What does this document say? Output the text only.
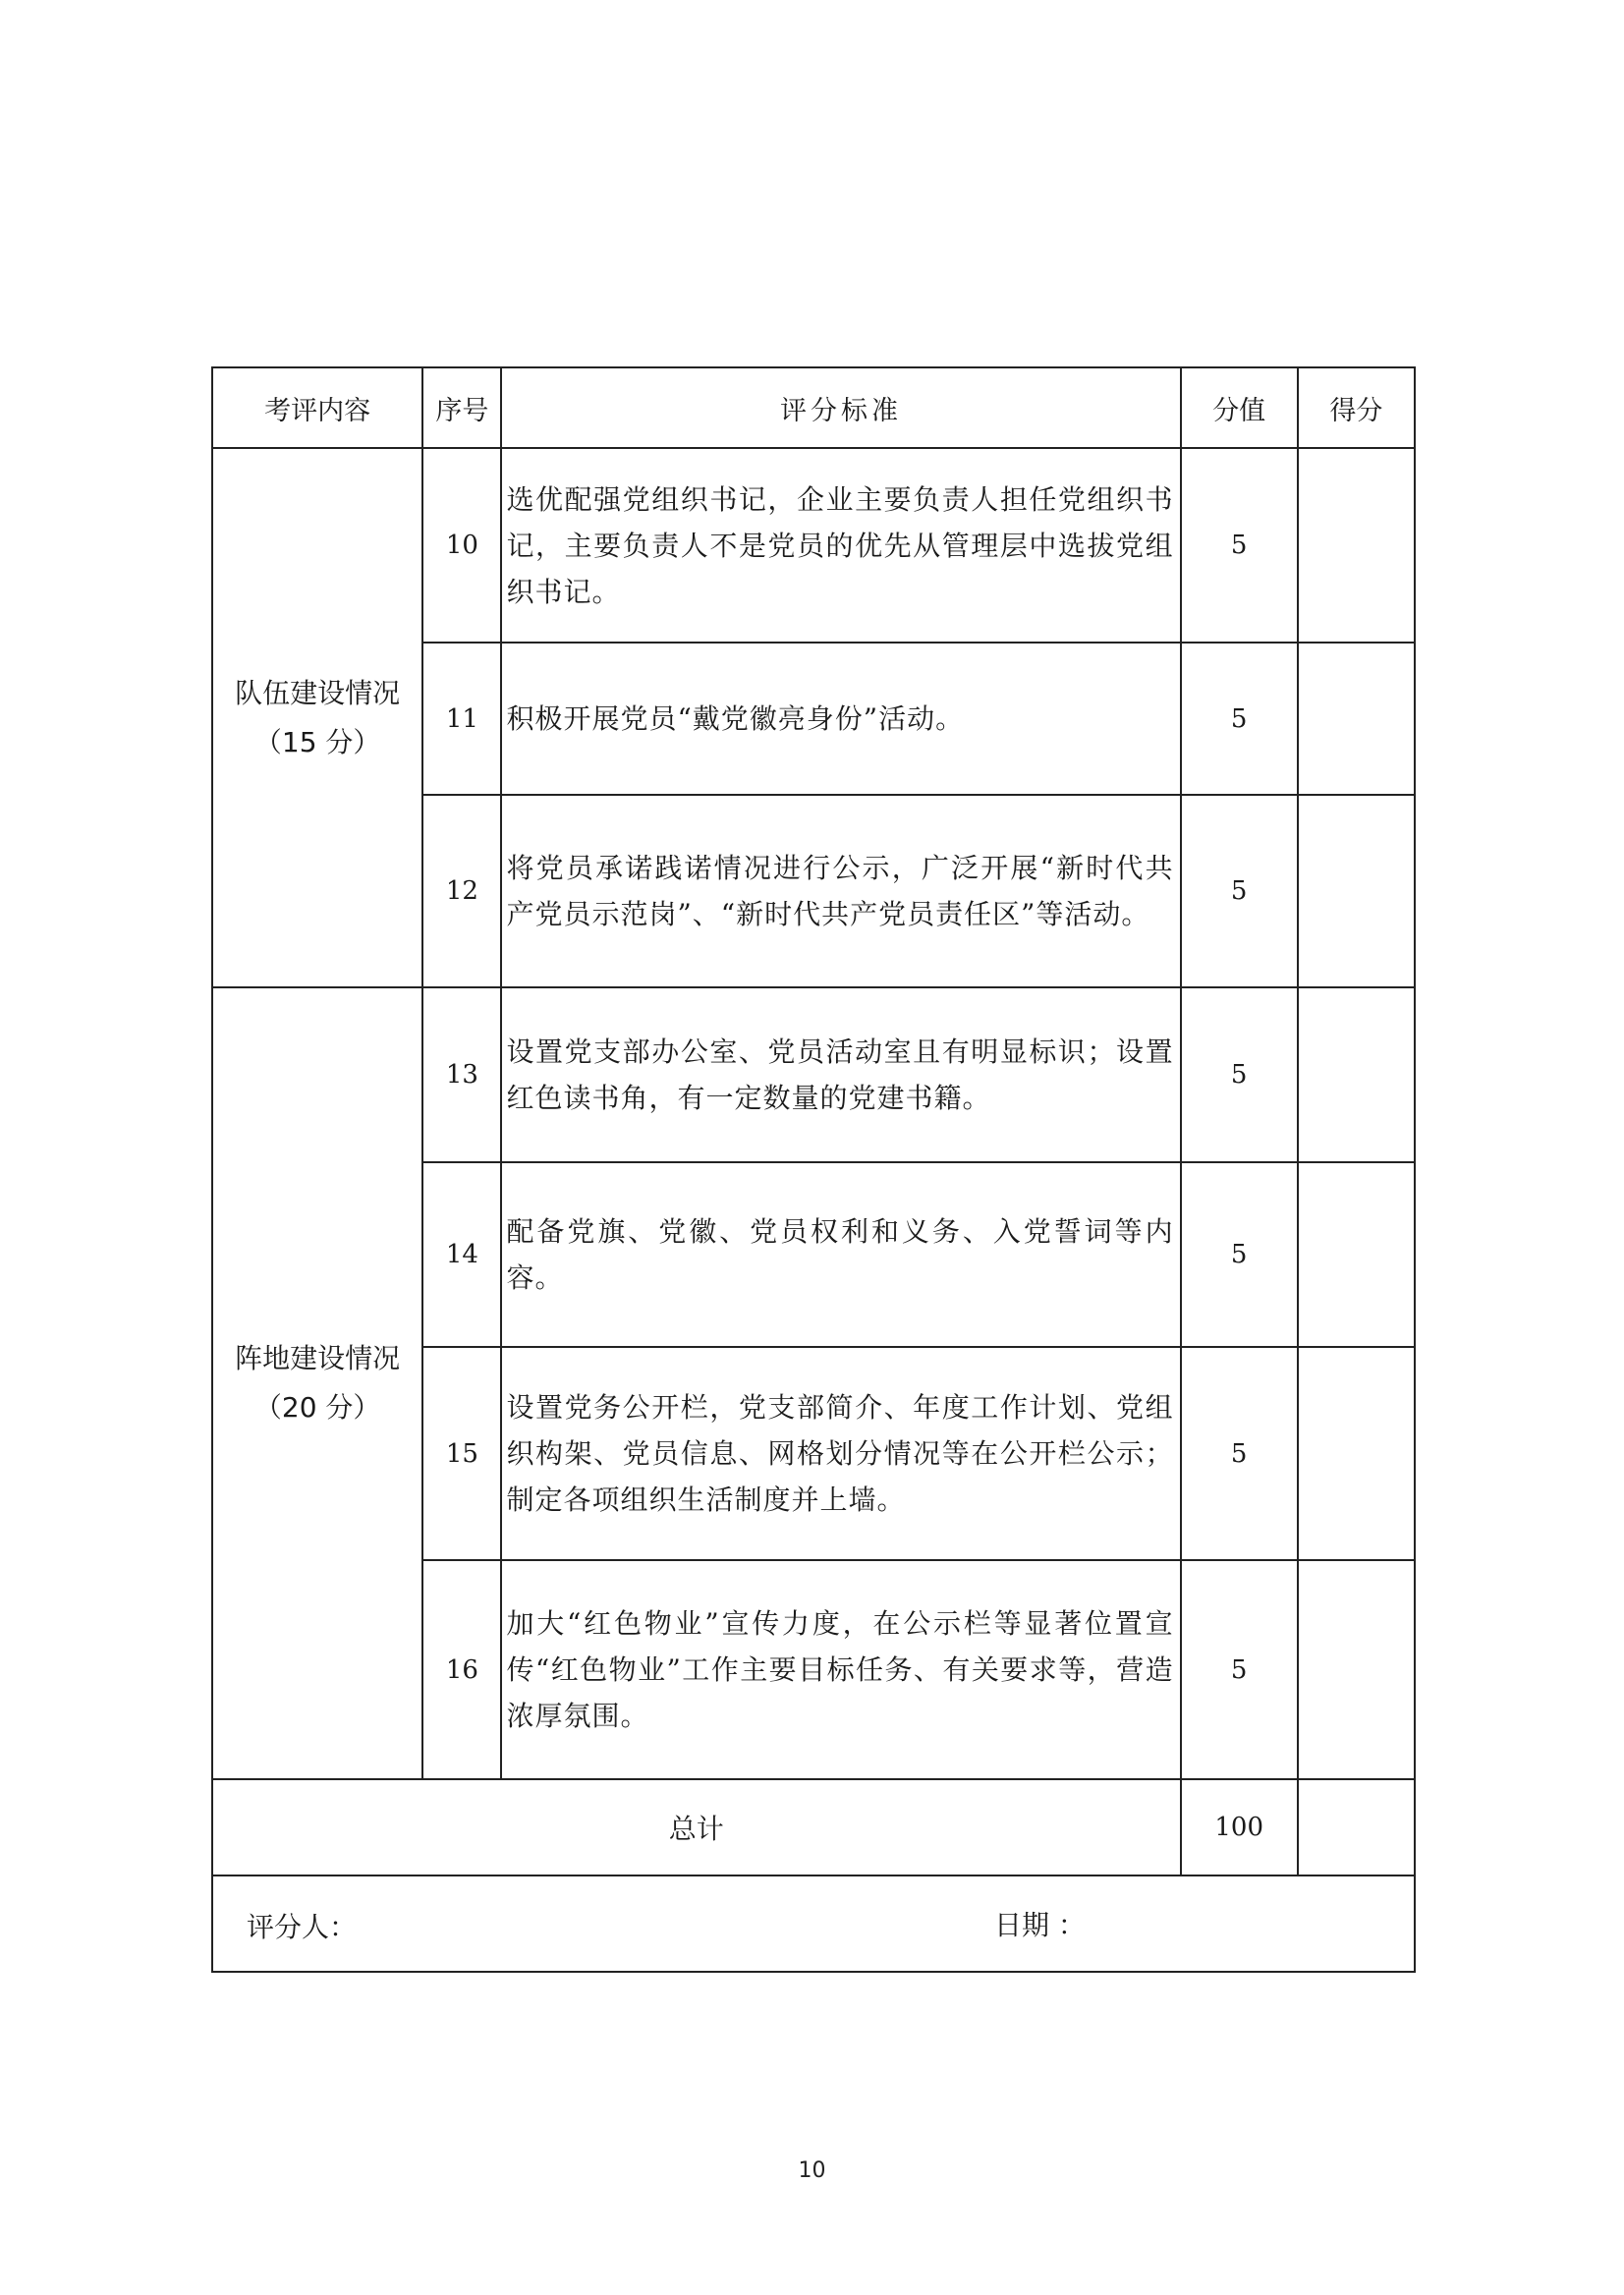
考评内容	序号	评分标准	分值	得分

队伍建设情况
（15 分）	10	选优配强党组织书记，企业主要负责人担任党组织书记，主要负责人不是党员的优先从管理层中选拔党组织书记。	5	
	11	积极开展党员“戴党徽亮身份”活动。	5	
	12	将党员承诺践诺情况进行公示，广泛开展“新时代共产党员示范岗”、“新时代共产党员责任区”等活动。	5	

阵地建设情况
（20 分）	13	设置党支部办公室、党员活动室且有明显标识；设置红色读书角，有一定数量的党建书籍。	5	
	14	配备党旗、党徽、党员权利和义务、入党誓词等内容。	5	
	15	设置党务公开栏，党支部简介、年度工作计划、党组织构架、党员信息、网格划分情况等在公开栏公示；制定各项组织生活制度并上墙。	5	
	16	加大“红色物业”宣传力度，在公示栏等显著位置宣传“红色物业”工作主要目标任务、有关要求等，营造浓厚氛围。	5	
总计			100	

评分人： 日期 ：				
10
